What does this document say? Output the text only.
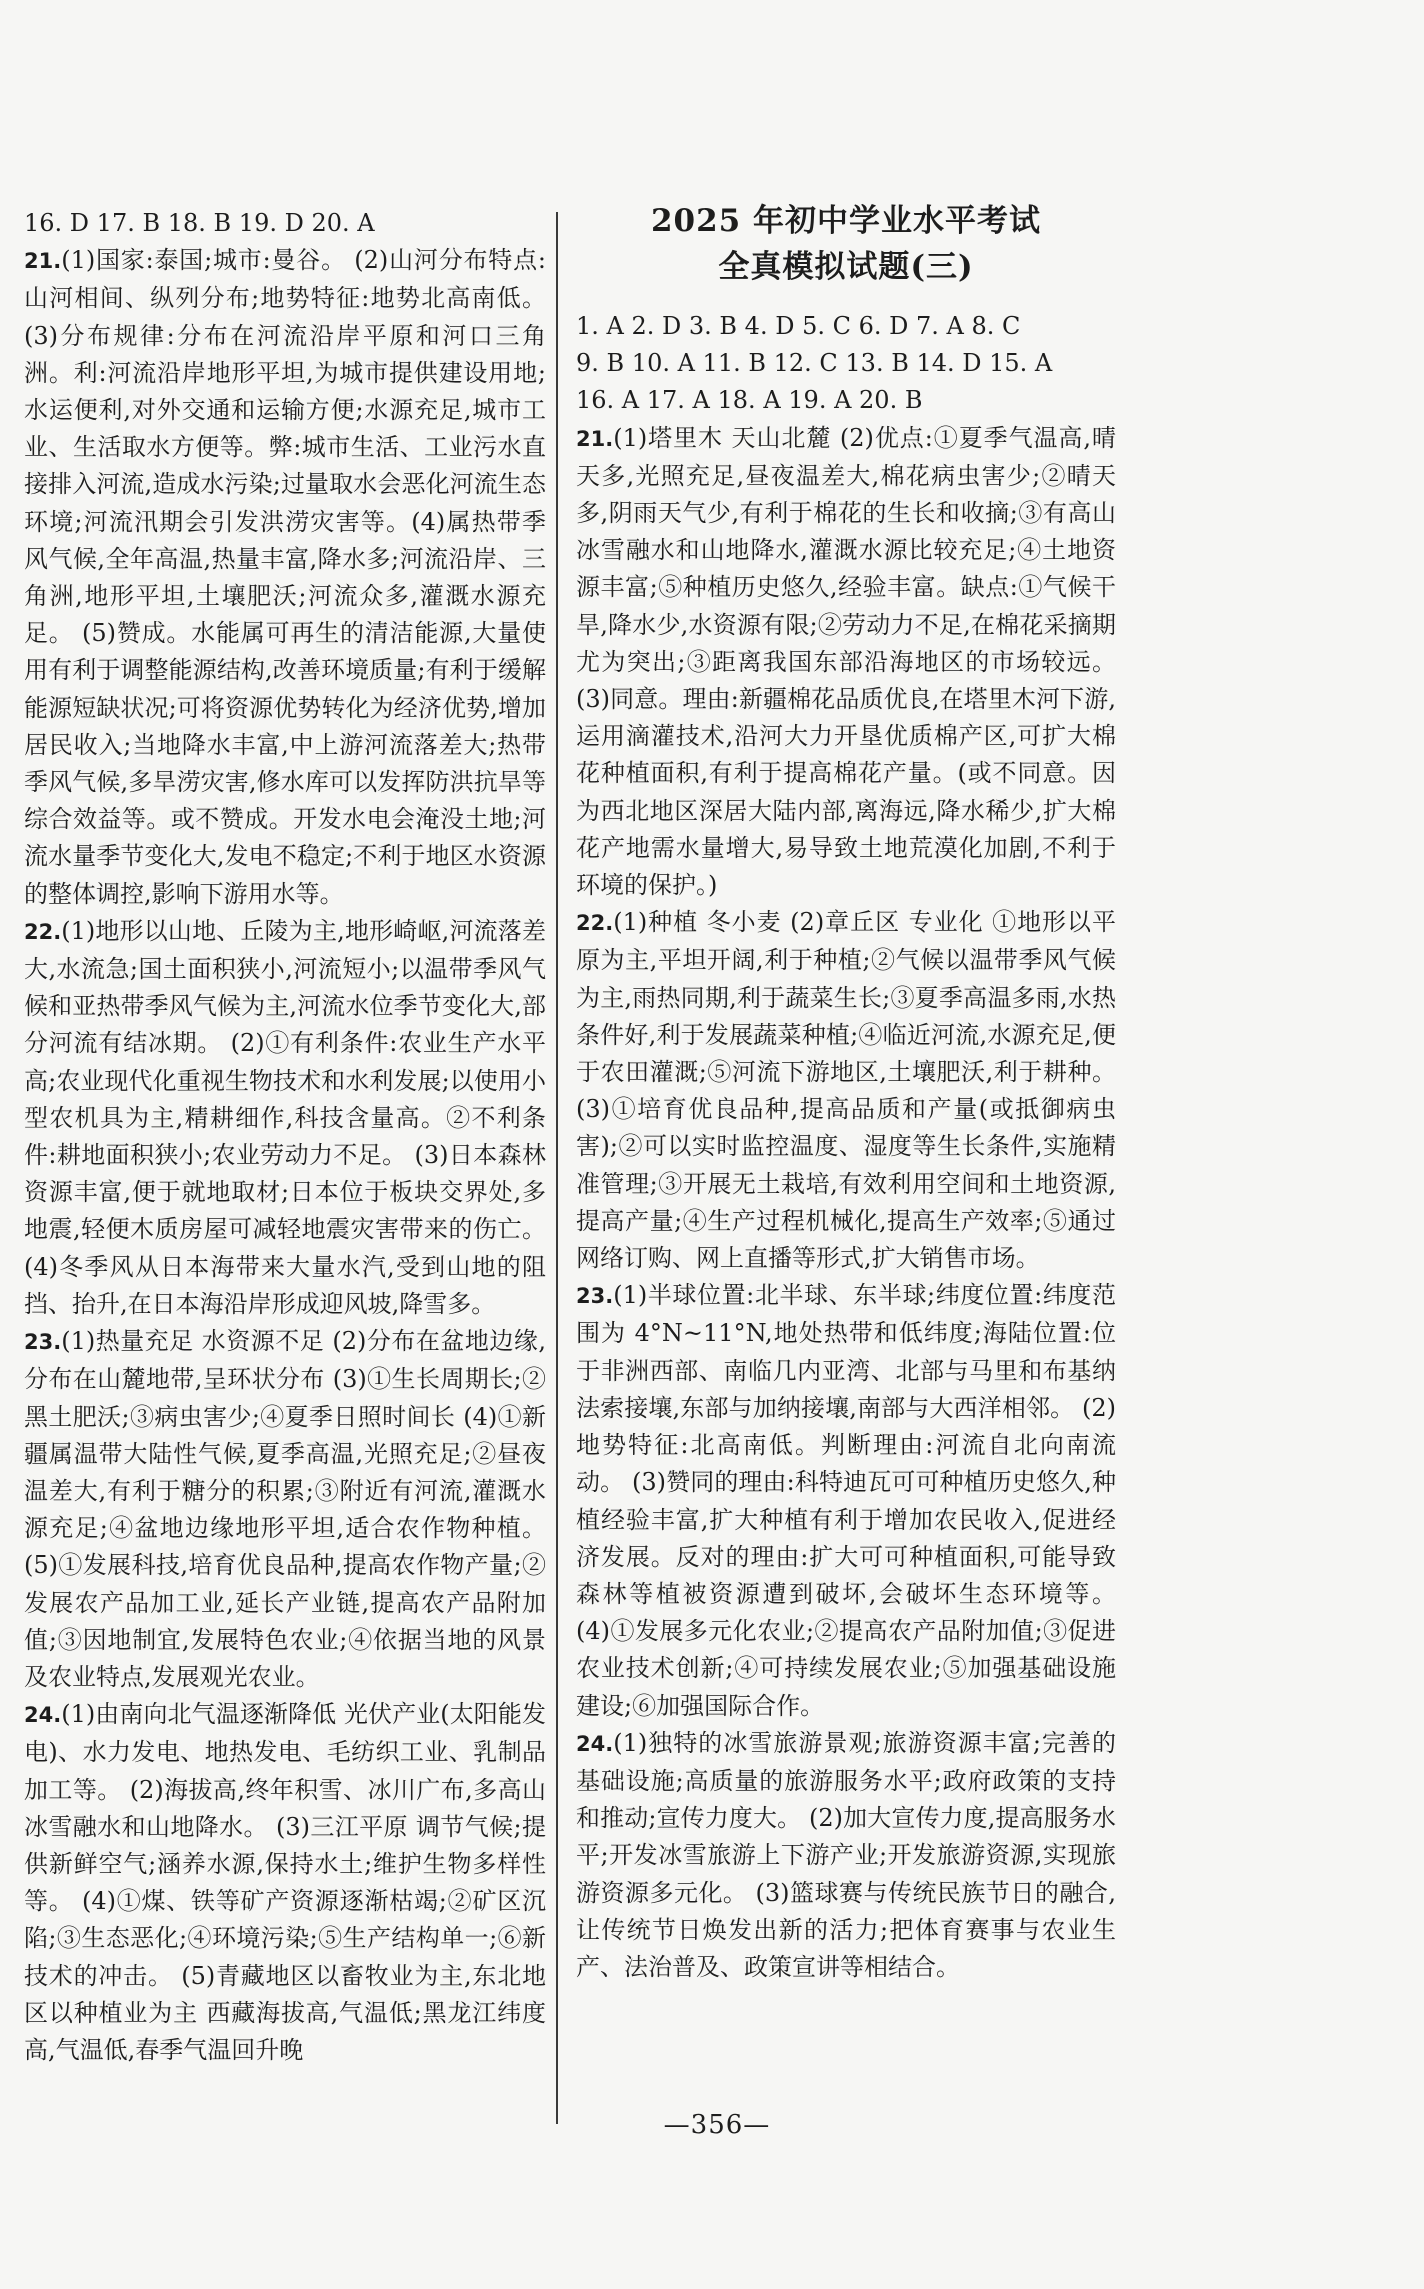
16. D 17. B 18. B 19. D 20. A
21.(1)国家:泰国;城市:曼谷。 (2)山河分布特点:山河相间、纵列分布;地势特征:地势北高南低。(3)分布规律:分布在河流沿岸平原和河口三角洲。利:河流沿岸地形平坦,为城市提供建设用地;水运便利,对外交通和运输方便;水源充足,城市工业、生活取水方便等。弊:城市生活、工业污水直接排入河流,造成水污染;过量取水会恶化河流生态环境;河流汛期会引发洪涝灾害等。(4)属热带季风气候,全年高温,热量丰富,降水多;河流沿岸、三角洲,地形平坦,土壤肥沃;河流众多,灌溉水源充足。 (5)赞成。水能属可再生的清洁能源,大量使用有利于调整能源结构,改善环境质量;有利于缓解能源短缺状况;可将资源优势转化为经济优势,增加居民收入;当地降水丰富,中上游河流落差大;热带季风气候,多旱涝灾害,修水库可以发挥防洪抗旱等综合效益等。或不赞成。开发水电会淹没土地;河流水量季节变化大,发电不稳定;不利于地区水资源的整体调控,影响下游用水等。
22.(1)地形以山地、丘陵为主,地形崎岖,河流落差大,水流急;国土面积狭小,河流短小;以温带季风气候和亚热带季风气候为主,河流水位季节变化大,部分河流有结冰期。 (2)①有利条件:农业生产水平高;农业现代化重视生物技术和水利发展;以使用小型农机具为主,精耕细作,科技含量高。②不利条件:耕地面积狭小;农业劳动力不足。 (3)日本森林资源丰富,便于就地取材;日本位于板块交界处,多地震,轻便木质房屋可减轻地震灾害带来的伤亡。 (4)冬季风从日本海带来大量水汽,受到山地的阻挡、抬升,在日本海沿岸形成迎风坡,降雪多。
23.(1)热量充足 水资源不足 (2)分布在盆地边缘,分布在山麓地带,呈环状分布 (3)①生长周期长;②黑土肥沃;③病虫害少;④夏季日照时间长 (4)①新疆属温带大陆性气候,夏季高温,光照充足;②昼夜温差大,有利于糖分的积累;③附近有河流,灌溉水源充足;④盆地边缘地形平坦,适合农作物种植。 (5)①发展科技,培育优良品种,提高农作物产量;②发展农产品加工业,延长产业链,提高农产品附加值;③因地制宜,发展特色农业;④依据当地的风景及农业特点,发展观光农业。
24.(1)由南向北气温逐渐降低 光伏产业(太阳能发电)、水力发电、地热发电、毛纺织工业、乳制品加工等。 (2)海拔高,终年积雪、冰川广布,多高山冰雪融水和山地降水。 (3)三江平原 调节气候;提供新鲜空气;涵养水源,保持水土;维护生物多样性等。 (4)①煤、铁等矿产资源逐渐枯竭;②矿区沉陷;③生态恶化;④环境污染;⑤生产结构单一;⑥新技术的冲击。 (5)青藏地区以畜牧业为主,东北地区以种植业为主 西藏海拔高,气温低;黑龙江纬度高,气温低,春季气温回升晚
2025 年初中学业水平考试
全真模拟试题(三)
1. A 2. D 3. B 4. D 5. C 6. D 7. A 8. C
9. B 10. A 11. B 12. C 13. B 14. D 15. A
16. A 17. A 18. A 19. A 20. B
21.(1)塔里木 天山北麓 (2)优点:①夏季气温高,晴天多,光照充足,昼夜温差大,棉花病虫害少;②晴天多,阴雨天气少,有利于棉花的生长和收摘;③有高山冰雪融水和山地降水,灌溉水源比较充足;④土地资源丰富;⑤种植历史悠久,经验丰富。缺点:①气候干旱,降水少,水资源有限;②劳动力不足,在棉花采摘期尤为突出;③距离我国东部沿海地区的市场较远。 (3)同意。理由:新疆棉花品质优良,在塔里木河下游,运用滴灌技术,沿河大力开垦优质棉产区,可扩大棉花种植面积,有利于提高棉花产量。(或不同意。因为西北地区深居大陆内部,离海远,降水稀少,扩大棉花产地需水量增大,易导致土地荒漠化加剧,不利于环境的保护。)
22.(1)种植 冬小麦 (2)章丘区 专业化 ①地形以平原为主,平坦开阔,利于种植;②气候以温带季风气候为主,雨热同期,利于蔬菜生长;③夏季高温多雨,水热条件好,利于发展蔬菜种植;④临近河流,水源充足,便于农田灌溉;⑤河流下游地区,土壤肥沃,利于耕种。 (3)①培育优良品种,提高品质和产量(或抵御病虫害);②可以实时监控温度、湿度等生长条件,实施精准管理;③开展无土栽培,有效利用空间和土地资源,提高产量;④生产过程机械化,提高生产效率;⑤通过网络订购、网上直播等形式,扩大销售市场。
23.(1)半球位置:北半球、东半球;纬度位置:纬度范围为 4°N~11°N,地处热带和低纬度;海陆位置:位于非洲西部、南临几内亚湾、北部与马里和布基纳法索接壤,东部与加纳接壤,南部与大西洋相邻。 (2)地势特征:北高南低。判断理由:河流自北向南流动。 (3)赞同的理由:科特迪瓦可可种植历史悠久,种植经验丰富,扩大种植有利于增加农民收入,促进经济发展。反对的理由:扩大可可种植面积,可能导致森林等植被资源遭到破坏,会破坏生态环境等。 (4)①发展多元化农业;②提高农产品附加值;③促进农业技术创新;④可持续发展农业;⑤加强基础设施建设;⑥加强国际合作。
24.(1)独特的冰雪旅游景观;旅游资源丰富;完善的基础设施;高质量的旅游服务水平;政府政策的支持和推动;宣传力度大。 (2)加大宣传力度,提高服务水平;开发冰雪旅游上下游产业;开发旅游资源,实现旅游资源多元化。 (3)篮球赛与传统民族节日的融合,让传统节日焕发出新的活力;把体育赛事与农业生产、法治普及、政策宣讲等相结合。
—356—
